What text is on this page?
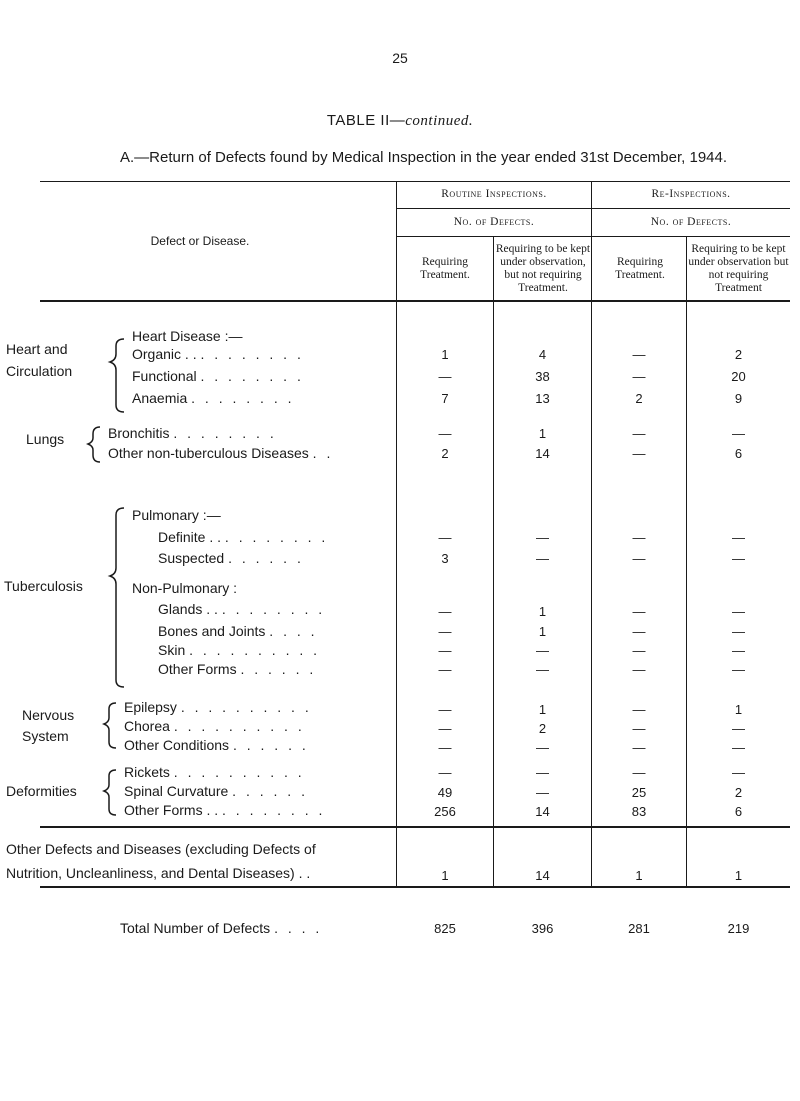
25
TABLE II—continued.
A.—Return of Defects found by Medical Inspection in the year ended 31st December, 1944.
Defect or Disease.
Routine Inspections.	Re-Inspections.
No. of Defects.	No. of Defects.
Requiring Treatment.
Requiring to be kept under observation, but not requiring Treatment.
Requiring Treatment.
Requiring to be kept under observation but not requiring Treatment
Heart and Circulation
Lungs
Tuberculosis
Nervous System
Deformities
Heart Disease :—
Organic . . . . . . . . . .	1	4	—	2
Functional . . . . . . . .	—	38	—	20
Anaemia . . . . . . . .	7	13	2	9
Bronchitis . . . . . . . .	—	1	—	—
Other non-tuberculous Diseases . .	2	14	—	6
Pulmonary :—
Definite . . . . . . . . . .	—	—	—	—
Suspected . . . . . .	3	—	—	—
Non-Pulmonary :
Glands . . . . . . . . . .	—	1	—	—
Bones and Joints . . . .	—	1	—	—
Skin . . . . . . . . . .	—	—	—	—
Other Forms . . . . . .	—	—	—	—
Epilepsy . . . . . . . . . .	—	1	—	1
Chorea . . . . . . . . . .	—	2	—	—
Other Conditions . . . . . .	—	—	—	—
Rickets . . . . . . . . . .	—	—	—	—
Spinal Curvature . . . . . .	49	—	25	2
Other Forms . . . . . . . . . .	256	14	83	6
Other Defects and Diseases (excluding Defects of
Nutrition, Uncleanliness, and Dental Diseases) . .	1	14	1	1
Total Number of Defects . . . .	825	396	281	219
